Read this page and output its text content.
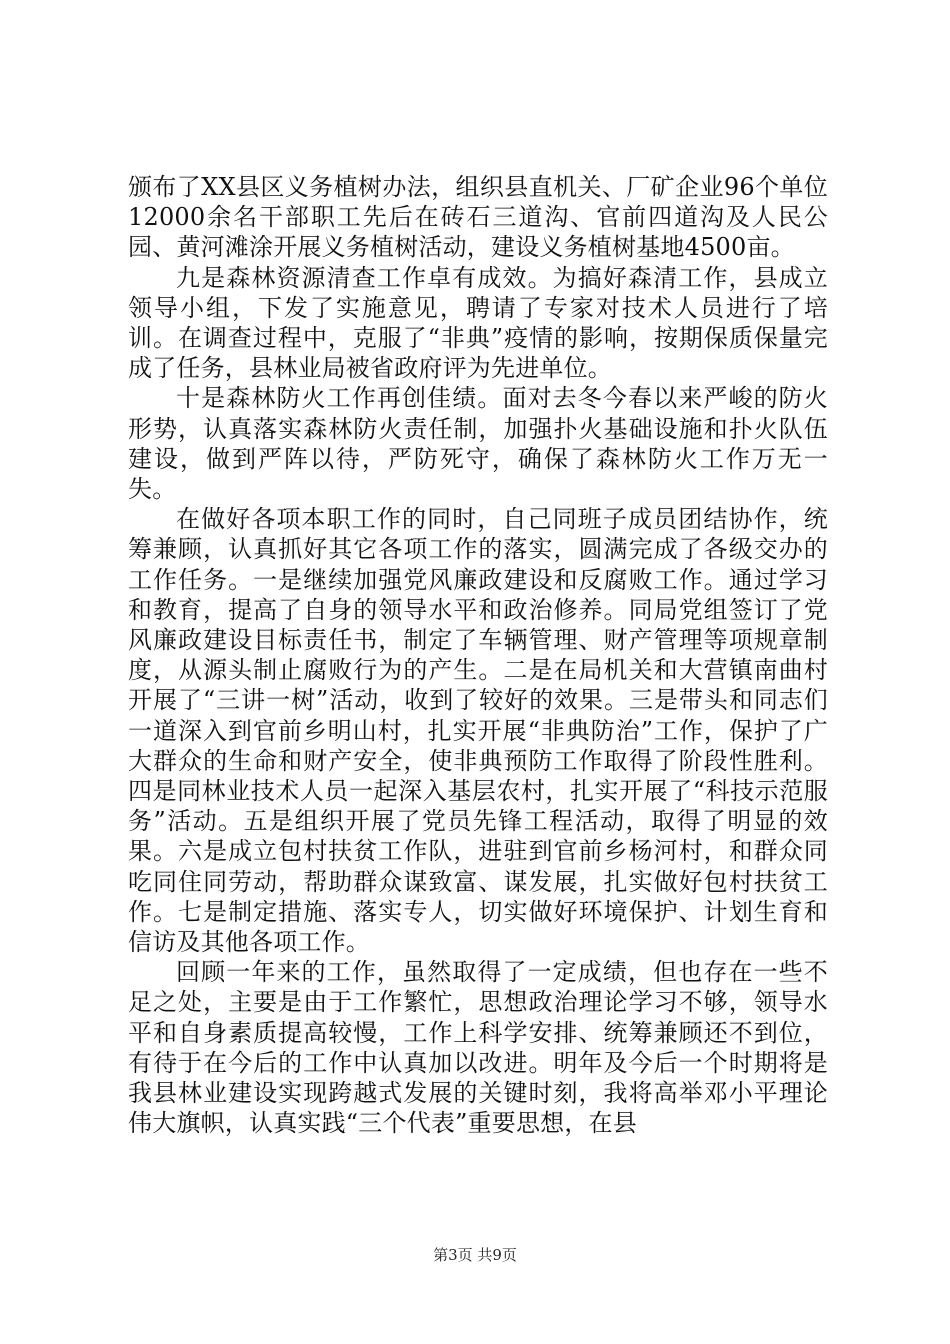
颁布了XX县区义务植树办法，组织县直机关、厂矿企业96个单位12000余名干部职工先后在砖石三道沟、官前四道沟及人民公园、黄河滩涂开展义务植树活动，建设义务植树基地4500亩。

九是森林资源清查工作卓有成效。为搞好森清工作，县成立领导小组，下发了实施意见，聘请了专家对技术人员进行了培训。在调查过程中，克服了“非典”疫情的影响，按期保质保量完成了任务，县林业局被省政府评为先进单位。

十是森林防火工作再创佳绩。面对去冬今春以来严峻的防火形势，认真落实森林防火责任制，加强扑火基础设施和扑火队伍建设，做到严阵以待，严防死守，确保了森林防火工作万无一失。

在做好各项本职工作的同时，自己同班子成员团结协作，统筹兼顾，认真抓好其它各项工作的落实，圆满完成了各级交办的工作任务。一是继续加强党风廉政建设和反腐败工作。通过学习和教育，提高了自身的领导水平和政治修养。同局党组签订了党风廉政建设目标责任书，制定了车辆管理、财产管理等项规章制度，从源头制止腐败行为的产生。二是在局机关和大营镇南曲村开展了“三讲一树”活动，收到了较好的效果。三是带头和同志们一道深入到官前乡明山村，扎实开展“非典防治”工作，保护了广大群众的生命和财产安全，使非典预防工作取得了阶段性胜利。四是同林业技术人员一起深入基层农村，扎实开展了“科技示范服务”活动。五是组织开展了党员先锋工程活动，取得了明显的效果。六是成立包村扶贫工作队，进驻到官前乡杨河村，和群众同吃同住同劳动，帮助群众谋致富、谋发展，扎实做好包村扶贫工作。七是制定措施、落实专人，切实做好环境保护、计划生育和信访及其他各项工作。

回顾一年来的工作，虽然取得了一定成绩，但也存在一些不足之处，主要是由于工作繁忙，思想政治理论学习不够，领导水平和自身素质提高较慢，工作上科学安排、统筹兼顾还不到位，有待于在今后的工作中认真加以改进。明年及今后一个时期将是我县林业建设实现跨越式发展的关键时刻，我将高举邓小平理论伟大旗帜，认真实践“三个代表”重要思想，在县

第3页 共9页
